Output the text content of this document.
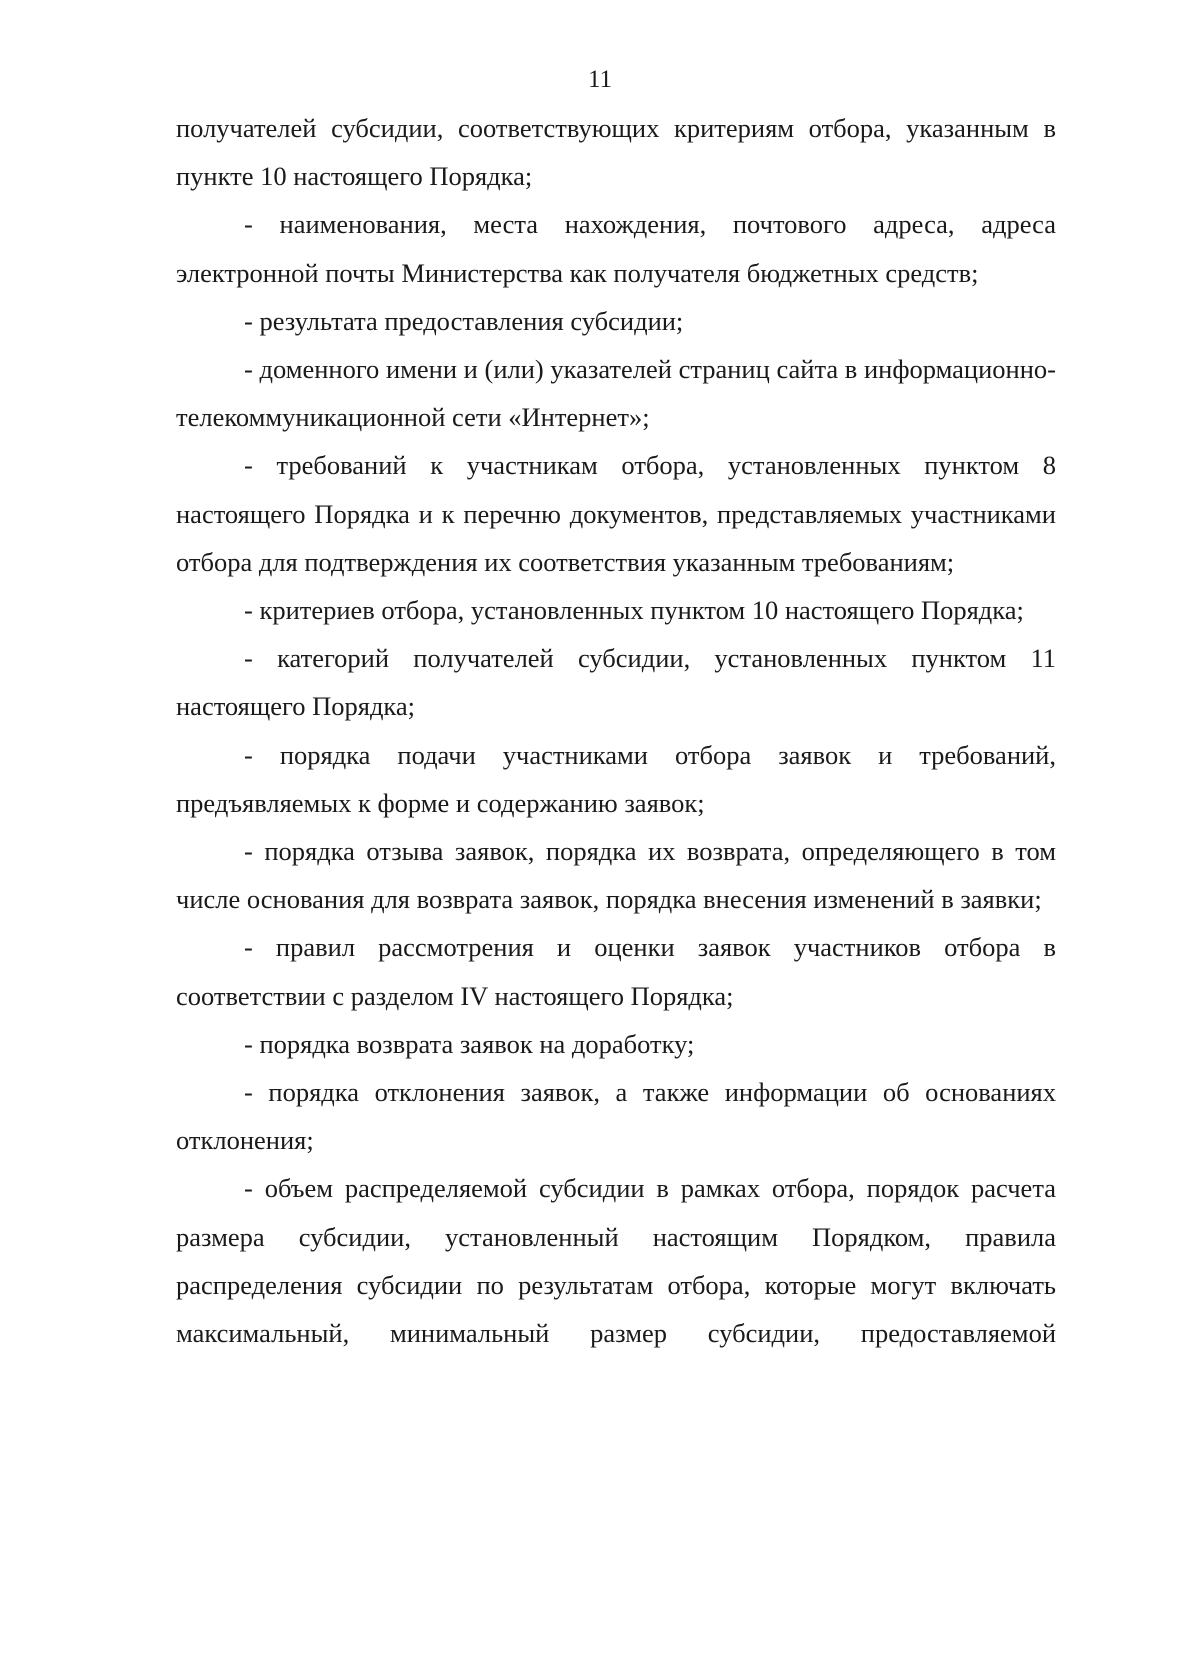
11

получателей субсидии, соответствующих критериям отбора, указанным в пункте 10 настоящего Порядка;

- наименования, места нахождения, почтового адреса, адреса электронной почты Министерства как получателя бюджетных средств;

- результата предоставления субсидии;

- доменного имени и (или) указателей страниц сайта в информационно-телекоммуникационной сети «Интернет»;

- требований к участникам отбора, установленных пунктом 8 настоящего Порядка и к перечню документов, представляемых участниками отбора для подтверждения их соответствия указанным требованиям;

- критериев отбора, установленных пунктом 10 настоящего Порядка;

- категорий получателей субсидии, установленных пунктом 11 настоящего Порядка;

- порядка подачи участниками отбора заявок и требований, предъявляемых к форме и содержанию заявок;

- порядка отзыва заявок, порядка их возврата, определяющего в том числе основания для возврата заявок, порядка внесения изменений в заявки;

- правил рассмотрения и оценки заявок участников отбора в соответствии с разделом IV настоящего Порядка;

- порядка возврата заявок на доработку;

- порядка отклонения заявок, а также информации об основаниях отклонения;

- объем распределяемой субсидии в рамках отбора, порядок расчета размера субсидии, установленный настоящим Порядком, правила распределения субсидии по результатам отбора, которые могут включать максимальный, минимальный размер субсидии, предоставляемой
